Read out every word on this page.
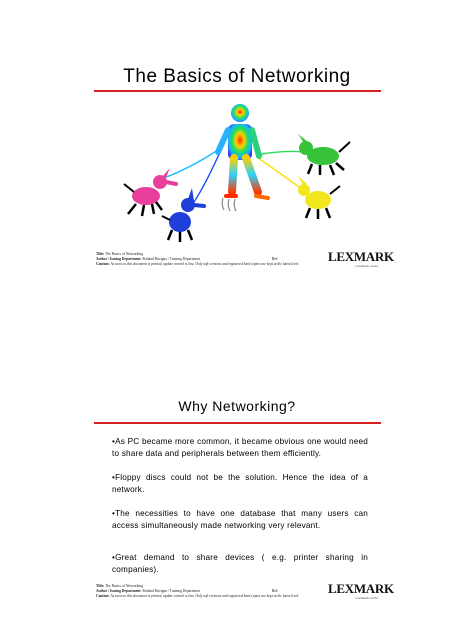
The Basics of Networking
Title: The Basics of Networking
Author / Issuing Department: Rotland Ruvigna / Training Department
Caution: As soon as this document is printed, update control is lost. Only soft versions and registered hard copies are kept at the latest level.
Ref:	LEXMARK
a lexmark world
Why Networking?

•As PC became more common, it became obvious one would need to share data and peripherals between them efficiently.

•Floppy discs could not be the solution. Hence the idea of a network.

•The necessities to have one database that many users can access simultaneously made networking very relevant.

•Great demand to share devices ( e.g. printer sharing in companies).

Title: The Basics of Networking
Author / Issuing Department: Rotland Ruvigna / Training Department
Caution: As soon as this document is printed, update control is lost. Only soft versions and registered hard copies are kept at the latest level.
Ref:	LEXMARK
a lexmark world
